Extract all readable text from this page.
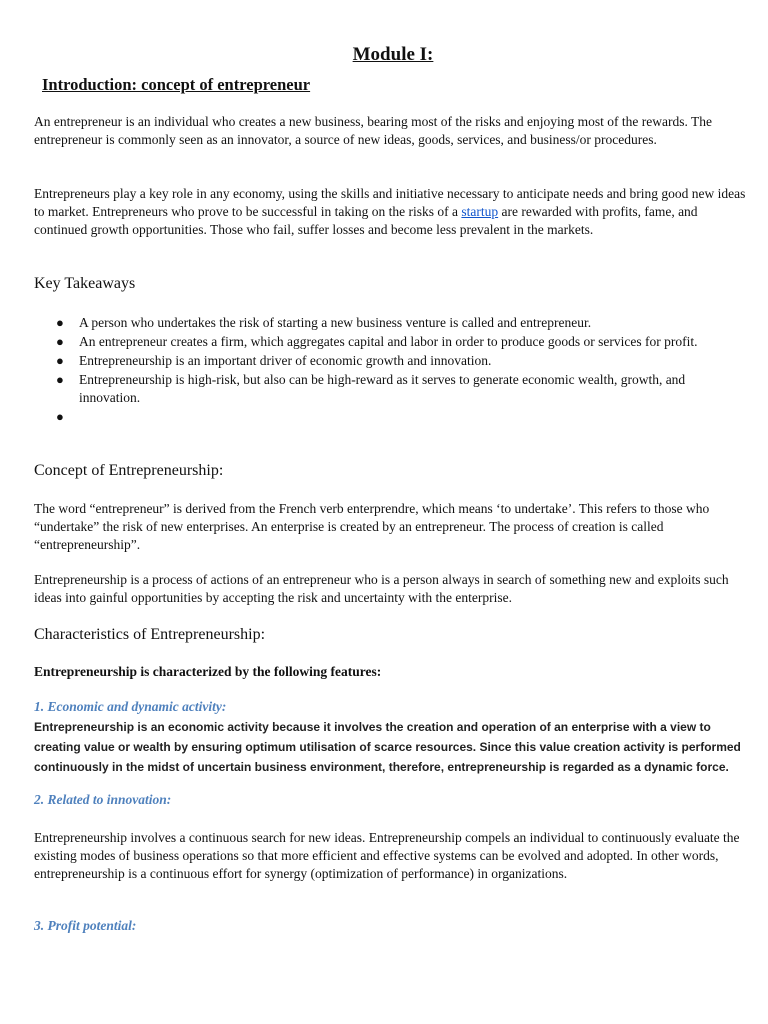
Module I:
Introduction: concept of entrepreneur

An entrepreneur is an individual who creates a new business, bearing most of the risks and enjoying most of the rewards. The entrepreneur is commonly seen as an innovator, a source of new ideas, goods, services, and business/or procedures.

Entrepreneurs play a key role in any economy, using the skills and initiative necessary to anticipate needs and bring good new ideas to market. Entrepreneurs who prove to be successful in taking on the risks of a startup are rewarded with profits, fame, and continued growth opportunities. Those who fail, suffer losses and become less prevalent in the markets.

Key Takeaways
● A person who undertakes the risk of starting a new business venture is called and entrepreneur.
● An entrepreneur creates a firm, which aggregates capital and labor in order to produce goods or services for profit.
● Entrepreneurship is an important driver of economic growth and innovation.
● Entrepreneurship is high-risk, but also can be high-reward as it serves to generate economic wealth, growth, and innovation.
●
Concept of Entrepreneurship:

The word “entrepreneur” is derived from the French verb enterprendre, which means ‘to undertake’. This refers to those who “undertake” the risk of new enterprises. An enterprise is created by an entrepreneur. The process of creation is called “entrepreneurship”.

Entrepreneurship is a process of actions of an entrepreneur who is a person always in search of something new and exploits such ideas into gainful opportunities by accepting the risk and uncertainty with the enterprise.

Characteristics of Entrepreneurship:

Entrepreneurship is characterized by the following features:

1. Economic and dynamic activity:

Entrepreneurship is an economic activity because it involves the creation and operation of an enterprise with a view to creating value or wealth by ensuring optimum utilisation of scarce resources. Since this value creation activity is performed continuously in the midst of uncertain business environment, therefore, entrepreneurship is regarded as a dynamic force.

2. Related to innovation:

Entrepreneurship involves a continuous search for new ideas. Entrepreneurship compels an individual to continuously evaluate the existing modes of business operations so that more efficient and effective systems can be evolved and adopted. In other words, entrepreneurship is a continuous effort for synergy (optimization of performance) in organizations.

3. Profit potential:
